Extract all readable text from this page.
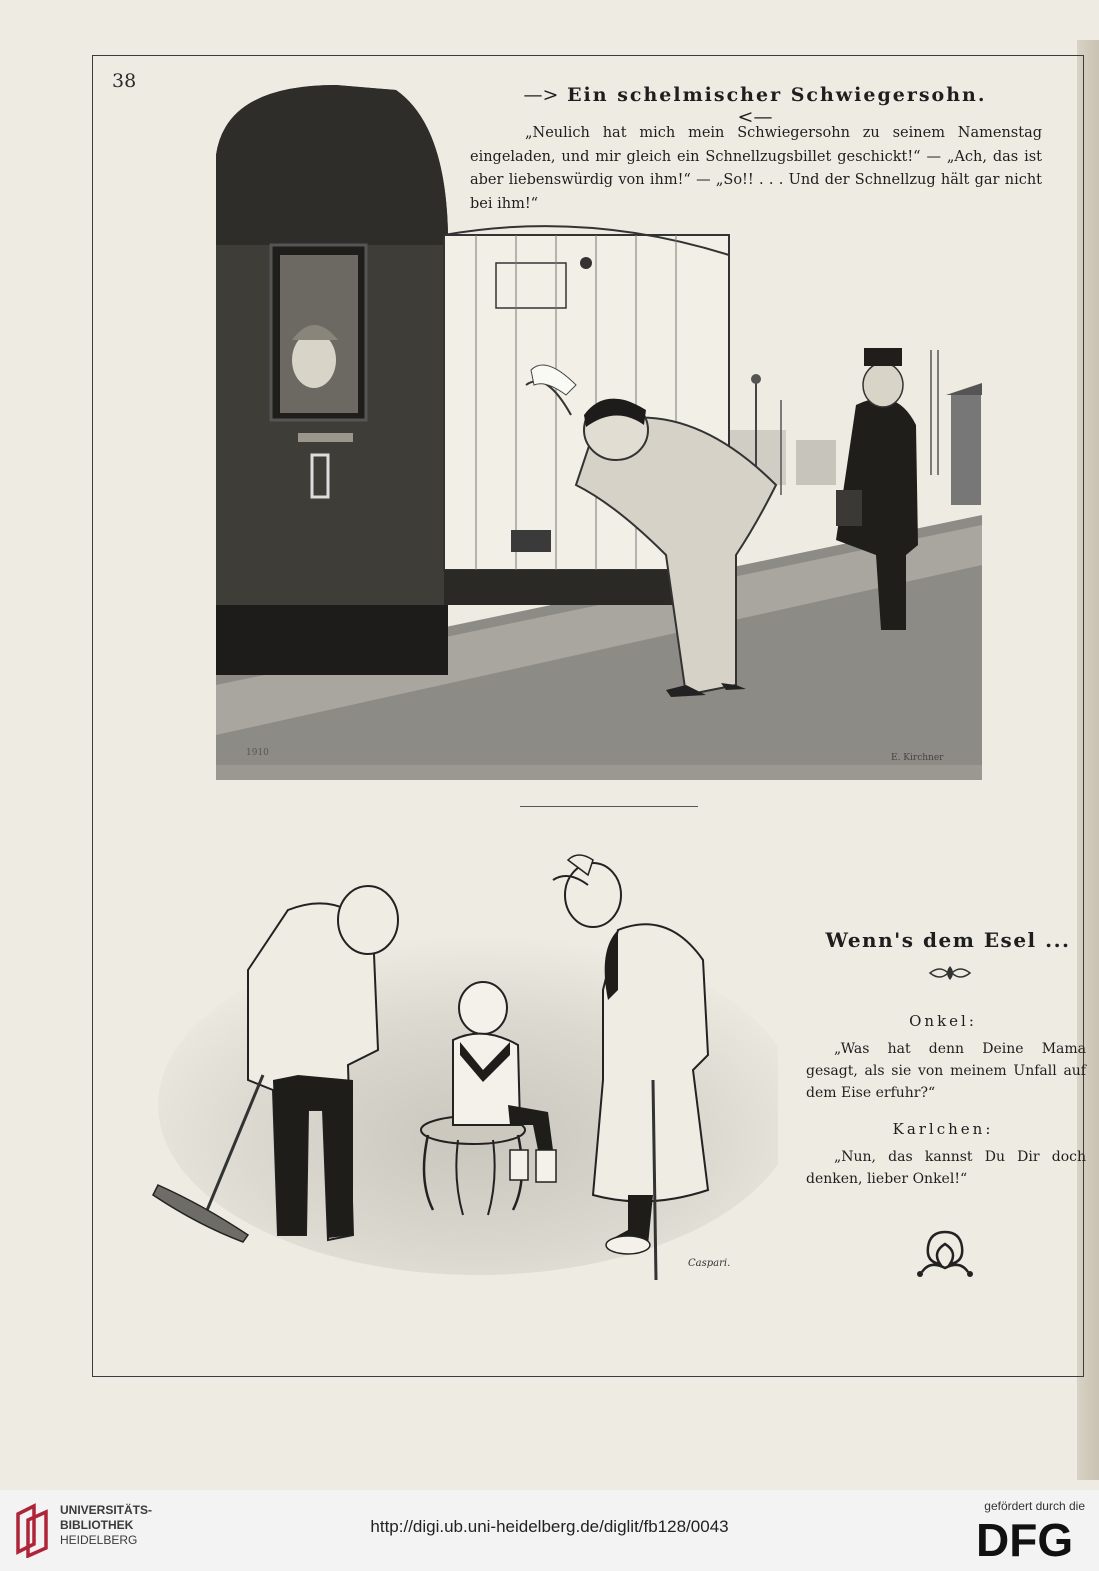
38
—> Ein schelmischer Schwiegersohn. <—

„Neulich hat mich mein Schwiegersohn zu seinem Namenstag eingeladen, und mir gleich ein Schnellzugsbillet geschickt!“ — „Ach, das ist aber liebenswürdig von ihm!“ — „So!! . . . Und der Schnellzug hält gar nicht bei ihm!“

1910	E. Kirchner
Caspari.
Wenn's dem Esel ...
Onkel:

„Was hat denn Deine Mama gesagt, als sie von meinem Unfall auf dem Eise erfuhr?“

Karlchen:

„Nun, das kannst Du Dir doch denken, lieber Onkel!“

UNIVERSITÄTS-
BIBLIOTHEK
HEIDELBERG
http://digi.ub.uni-heidelberg.de/diglit/fb128/0043
gefördert durch die
DFG
